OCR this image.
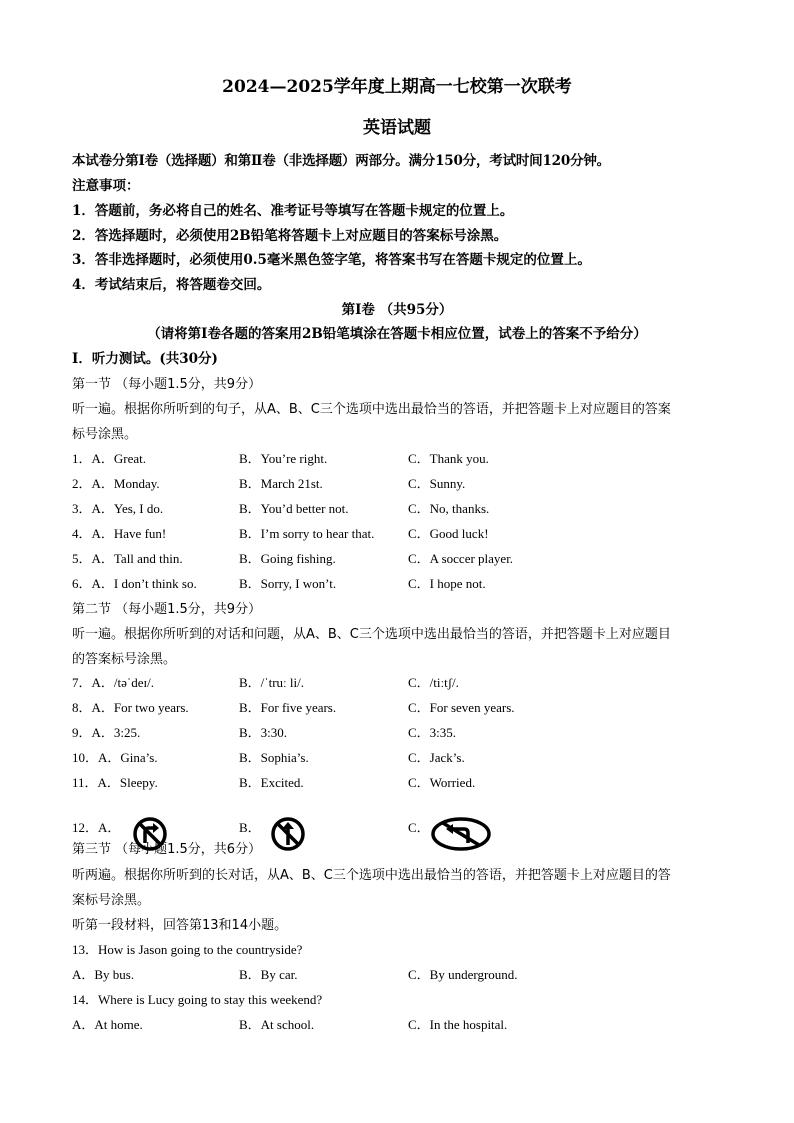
2024—2025学年度上期高一七校第一次联考
英语试题
本试卷分第Ⅰ卷（选择题）和第Ⅱ卷（非选择题）两部分。满分150分，考试时间120分钟。
注意事项：
1．答题前，务必将自己的姓名、准考证号等填写在答题卡规定的位置上。
2．答选择题时，必须使用2B铅笔将答题卡上对应题目的答案标号涂黑。
3．答非选择题时，必须使用0.5毫米黑色签字笔，将答案书写在答题卡规定的位置上。
4．考试结束后，将答题卷交回。
第Ⅰ卷 （共95分）
（请将第Ⅰ卷各题的答案用2B铅笔填涂在答题卡相应位置，试卷上的答案不予给分）
Ⅰ．听力测试。(共30分)
第一节 （每小题1.5分，共9分）
听一遍。根据你所听到的句子，从A、B、C三个选项中选出最恰当的答语，并把答题卡上对应题目的答案
标号涂黑。
1．A．Great.	B．You’re right.	C．Thank you.
2．A．Monday.	B．March 21st.	C．Sunny.
3．A．Yes, I do.	B．You’d better not.	C．No, thanks.
4．A．Have fun!	B．I’m sorry to hear that.	C．Good luck!
5．A．Tall and thin.	B．Going fishing.	C．A soccer player.
6．A．I don’t think so.	B．Sorry, I won’t.	C．I hope not.
第二节 （每小题1.5分，共9分）
听一遍。根据你所听到的对话和问题，从A、B、C三个选项中选出最恰当的答语，并把答题卡上对应题目
的答案标号涂黑。
7．A．/təˈdeɪ/.	B．/ˈtruː li/.	C．/tiːtʃ/.
8．A．For two years.	B．For five years.	C．For seven years.
9．A．3:25.	B．3:30.	C．3:35.
10．A．Gina’s.	B．Sophia’s.	C．Jack’s.
11．A．Sleepy.	B．Excited.	C．Worried.
12．A．	B．	C．
第三节 （每小题1.5分，共6分）
听两遍。根据你所听到的长对话，从A、B、C三个选项中选出最恰当的答语，并把答题卡上对应题目的答
案标号涂黑。
听第一段材料，回答第13和14小题。
13．How is Jason going to the countryside?
A．By bus.	B．By car.	C．By underground.
14．Where is Lucy going to stay this weekend?
A．At home.	B．At school.	C．In the hospital.
